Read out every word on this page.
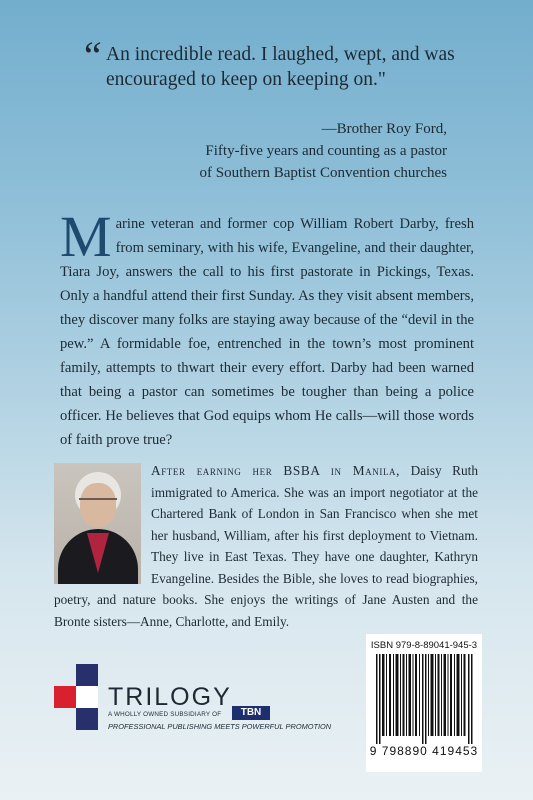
“ An incredible read. I laughed, wept, and was encouraged to keep on keeping on."
—Brother Roy Ford,
Fifty-five years and counting as a pastor
of Southern Baptist Convention churches
Marine veteran and former cop William Robert Darby, fresh from seminary, with his wife, Evangeline, and their daughter, Tiara Joy, answers the call to his first pastorate in Pickings, Texas. Only a handful attend their first Sunday. As they visit absent members, they discover many folks are staying away because of the “devil in the pew.” A formidable foe, entrenched in the town’s most prominent family, attempts to thwart their every effort. Darby had been warned that being a pastor can sometimes be tougher than being a police officer. He believes that God equips whom He calls—will those words of faith prove true?
After earning her BSBA in Manila, Daisy Ruth immigrated to America. She was an import negotiator at the Chartered Bank of London in San Francisco when she met her husband, William, after his first deployment to Vietnam. They live in East Texas. They have one daughter, Kathryn Evangeline. Besides the Bible, she loves to read biographies, poetry, and nature books. She enjoys the writings of Jane Austen and the Bronte sisters—Anne, Charlotte, and Emily.
TRILOGY
A WHOLLY OWNED SUBSIDIARY OF	TBN
PROFESSIONAL PUBLISHING MEETS POWERFUL PROMOTION
ISBN 979-8-89041-945-3
9 798890 419453
